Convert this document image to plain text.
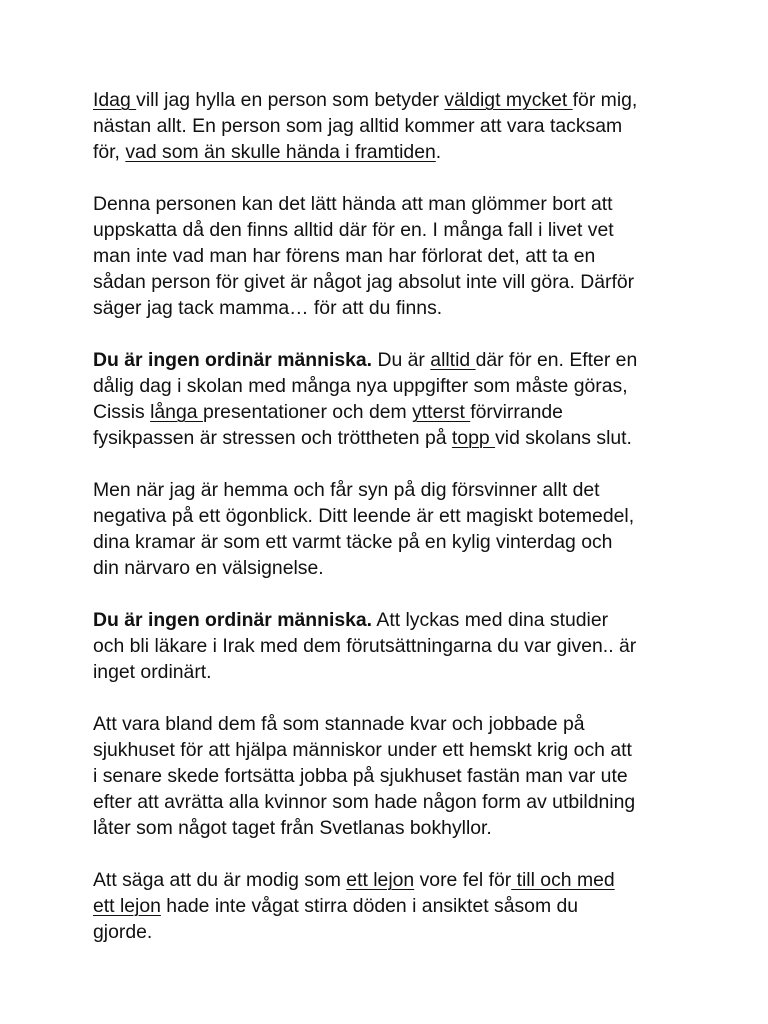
Idag vill jag hylla en person som betyder väldigt mycket för mig,
nästan allt. En person som jag alltid kommer att vara tacksam
för, vad som än skulle hända i framtiden.
Denna personen kan det lätt hända att man glömmer bort att
uppskatta då den finns alltid där för en. I många fall i livet vet
man inte vad man har förens man har förlorat det, att ta en
sådan person för givet är något jag absolut inte vill göra. Därför
säger jag tack mamma… för att du finns.
Du är ingen ordinär människa. Du är alltid där för en. Efter en
dålig dag i skolan med många nya uppgifter som måste göras,
Cissis långa presentationer och dem ytterst förvirrande
fysikpassen är stressen och tröttheten på topp vid skolans slut.
Men när jag är hemma och får syn på dig försvinner allt det
negativa på ett ögonblick. Ditt leende är ett magiskt botemedel,
dina kramar är som ett varmt täcke på en kylig vinterdag och
din närvaro en välsignelse.
Du är ingen ordinär människa. Att lyckas med dina studier
och bli läkare i Irak med dem förutsättningarna du var given.. är
inget ordinärt.
Att vara bland dem få som stannade kvar och jobbade på
sjukhuset för att hjälpa människor under ett hemskt krig och att
i senare skede fortsätta jobba på sjukhuset fastän man var ute
efter att avrätta alla kvinnor som hade någon form av utbildning
låter som något taget från Svetlanas bokhyllor.
Att säga att du är modig som ett lejon vore fel för till och med
ett lejon hade inte vågat stirra döden i ansiktet såsom du
gjorde.
